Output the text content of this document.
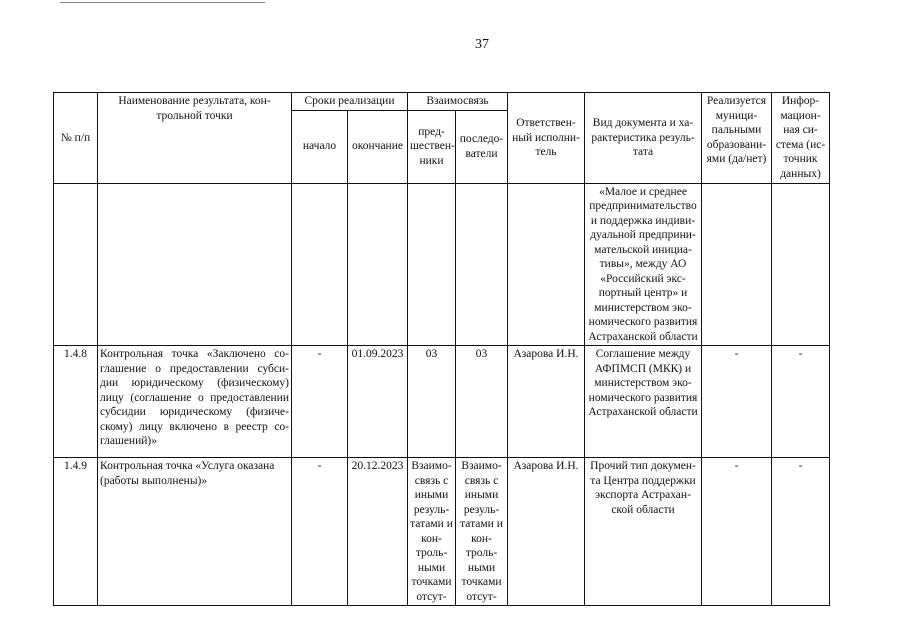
37
№ п/п	Наименование результата, кон-трольной точки	Сроки реализации		Взаимосвязь		Ответствен-ный исполни-тель	Вид документа и ха-рактеристика резуль-тата	Реализуется муници-пальными образовани-ями (да/нет)	Инфор-мацион-ная си-стема (ис-точник данных)
		начало	окончание	пред-шествен-ники	последо-ватели				
							«Малое и среднее предпринимательство и поддержка индиви-дуальной предприни-мательской инициа-тивы», между АО «Российский экс-портный центр» и министерством эко-номического развития Астраханской области		
1.4.8	Контрольная точка «Заключено со-глашение о предоставлении субси-дии юридическому (физическому) лицу (соглашение о предоставлении субсидии юридическому (физиче-скому) лицу включено в реестр со-глашений)»	-	01.09.2023	03	03	Азарова И.Н.	Соглашение между АФПМСП (МКК) и министерством эко-номического развития Астраханской области	-	-
1.4.9	Контрольная точка «Услуга оказана (работы выполнены)»	-	20.12.2023	Взаимо-связь с иными резуль-татами и кон-троль-ными точками отсут-	Взаимо-связь с иными резуль-татами и кон-троль-ными точками отсут-	Азарова И.Н.	Прочий тип докумен-та Центра поддержки экспорта Астрахан-ской области	-	-
